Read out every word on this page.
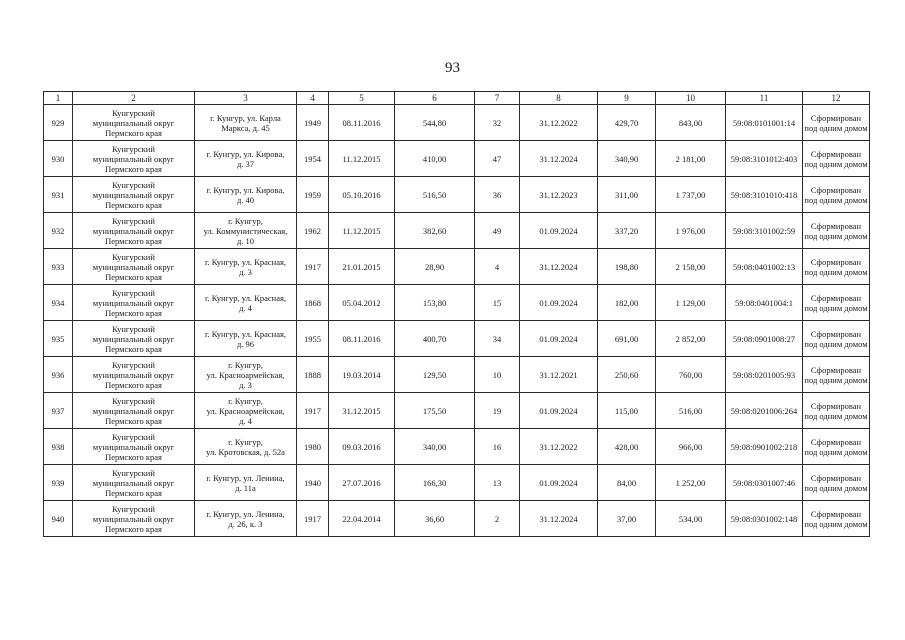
93
1	2	3	4	5	6	7	8	9	10	11	12
929	Кунгурский
муниципальный округ
Пермского края	г. Кунгур, ул. Карла
Маркса, д. 45	1949	08.11.2016	544,80	32	31.12.2022	429,70	843,00	59:08:0101001:14	Сформирован
под одним домом
930	Кунгурский
муниципальный округ
Пермского края	г. Кунгур, ул. Кирова,
д. 37	1954	11.12.2015	410,00	47	31.12.2024	340,90	2 181,00	59:08:3101012:403	Сформирован
под одним домом
931	Кунгурский
муниципальный округ
Пермского края	г. Кунгур, ул. Кирова,
д. 40	1959	05.10.2016	516,50	36	31.12.2023	311,00	1 737,00	59:08:3101010:418	Сформирован
под одним домом
932	Кунгурский
муниципальный округ
Пермского края	г. Кунгур,
ул. Коммунистическая,
д. 10	1962	11.12.2015	382,60	49	01.09.2024	337,20	1 976,00	59:08:3101002:59	Сформирован
под одним домом
933	Кунгурский
муниципальный округ
Пермского края	г. Кунгур, ул. Красная,
д. 3	1917	21.01.2015	28,90	4	31.12.2024	198,80	2 158,00	59:08:0401002:13	Сформирован
под одним домом
934	Кунгурский
муниципальный округ
Пермского края	г. Кунгур, ул. Красная,
д. 4	1868	05.04.2012	153,80	15	01.09.2024	182,00	1 129,00	59:08:0401004:1	Сформирован
под одним домом
935	Кунгурский
муниципальный округ
Пермского края	г. Кунгур, ул. Красная,
д. 96	1955	08.11.2016	400,70	34	01.09.2024	691,00	2 852,00	59:08:0901008:27	Сформирован
под одним домом
936	Кунгурский
муниципальный округ
Пермского края	г. Кунгур,
ул. Красноармейская,
д. 3	1888	19.03.2014	129,50	10	31.12.2021	250,60	760,00	59:08:0201005:93	Сформирован
под одним домом
937	Кунгурский
муниципальный округ
Пермского края	г. Кунгур,
ул. Красноармейская,
д. 4	1917	31.12.2015	175,50	19	01.09.2024	115,00	516,00	59:08:0201006:264	Сформирован
под одним домом
938	Кунгурский
муниципальный округ
Пермского края	г. Кунгур,
ул. Кротовская, д. 52а	1980	09.03.2016	340,00	16	31.12.2022	428,00	966,00	59:08:0901002:218	Сформирован
под одним домом
939	Кунгурский
муниципальный округ
Пермского края	г. Кунгур, ул. Ленина,
д. 11а	1940	27.07.2016	166,30	13	01.09.2024	84,00	1 252,00	59:08:0301007:46	Сформирован
под одним домом
940	Кунгурский
муниципальный округ
Пермского края	г. Кунгур, ул. Ленина,
д. 26, к. 3	1917	22.04.2014	36,60	2	31.12.2024	37,00	534,00	59:08:0301002:148	Сформирован
под одним домом
